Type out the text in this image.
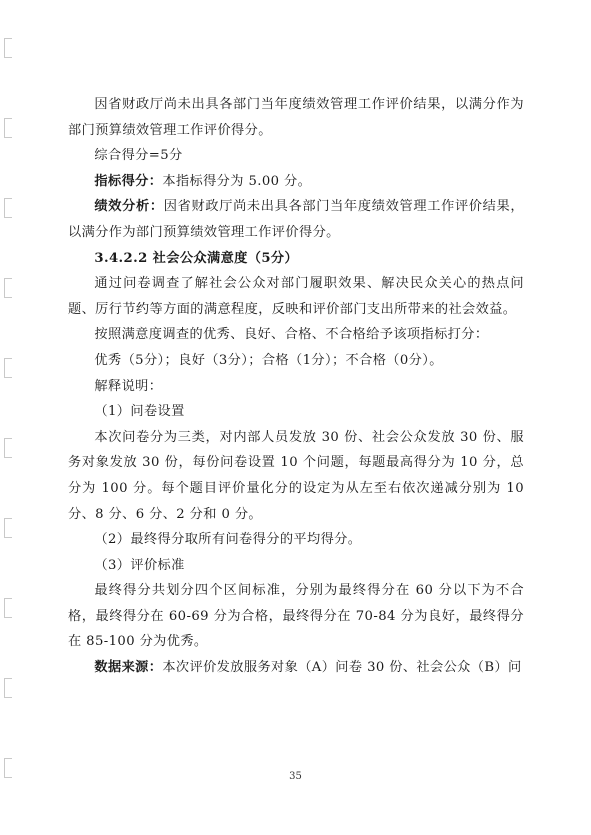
因省财政厅尚未出具各部门当年度绩效管理工作评价结果，以满分作为部门预算绩效管理工作评价得分。

综合得分=5分

指标得分：本指标得分为 5.00 分。

绩效分析：因省财政厅尚未出具各部门当年度绩效管理工作评价结果，以满分作为部门预算绩效管理工作评价得分。

3.4.2.2 社会公众满意度（5分）

通过问卷调查了解社会公众对部门履职效果、解决民众关心的热点问题、厉行节约等方面的满意程度，反映和评价部门支出所带来的社会效益。

按照满意度调查的优秀、良好、合格、不合格给予该项指标打分：

优秀（5分）；良好（3分）；合格（1分）；不合格（0分）。

解释说明：

（1）问卷设置

本次问卷分为三类，对内部人员发放 30 份、社会公众发放 30 份、服务对象发放 30 份，每份问卷设置 10 个问题，每题最高得分为 10 分，总分为 100 分。每个题目评价量化分的设定为从左至右依次递减分别为 10 分、8 分、6 分、2 分和 0 分。

（2）最终得分取所有问卷得分的平均得分。

（3）评价标准

最终得分共划分四个区间标准，分别为最终得分在 60 分以下为不合格，最终得分在 60-69 分为合格，最终得分在 70-84 分为良好，最终得分在 85-100 分为优秀。

数据来源：本次评价发放服务对象（A）问卷 30 份、社会公众（B）问

35
